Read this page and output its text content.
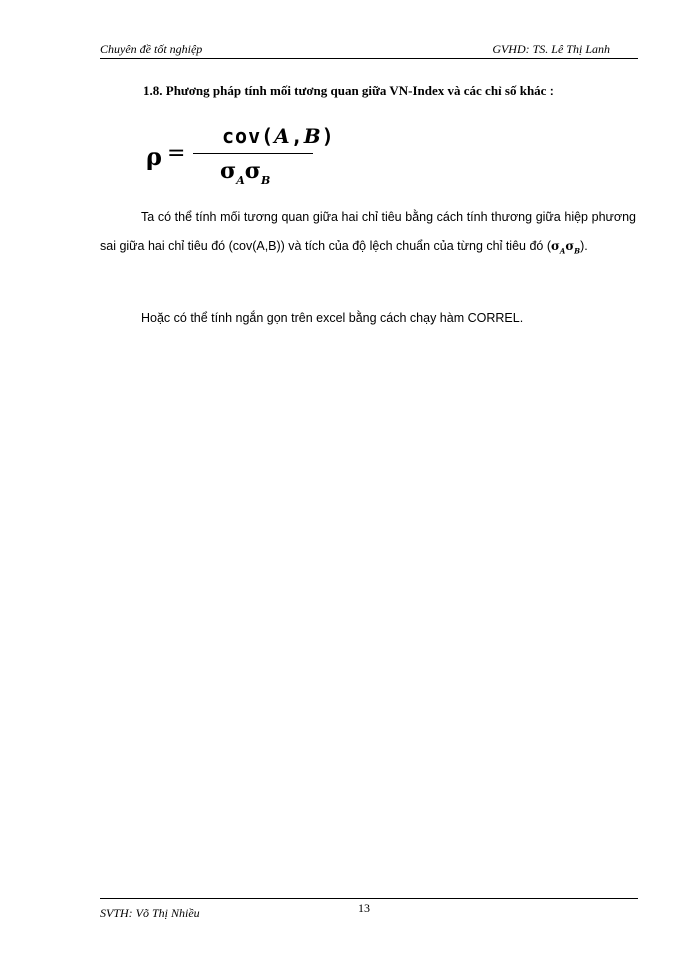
Chuyên đề tốt nghiệp	GVHD: TS. Lê Thị Lanh
1.8. Phương pháp tính mối tương quan giữa VN-Index và các chỉ số khác :
ρ =
cov(A,B)
$\sigma_A\sigma_B$
Ta có thể tính mối tương quan giữa hai chỉ tiêu bằng cách tính thương giữa hiệp phương sai giữa hai chỉ tiêu đó (cov(A,B)) và tích của độ lệch chuẩn của từng chỉ tiêu đó $(\sigma_A\sigma_B)$.
Hoặc có thể tính ngắn gọn trên excel bằng cách chạy hàm CORREL.
SVTH: Võ Thị Nhiều	13
